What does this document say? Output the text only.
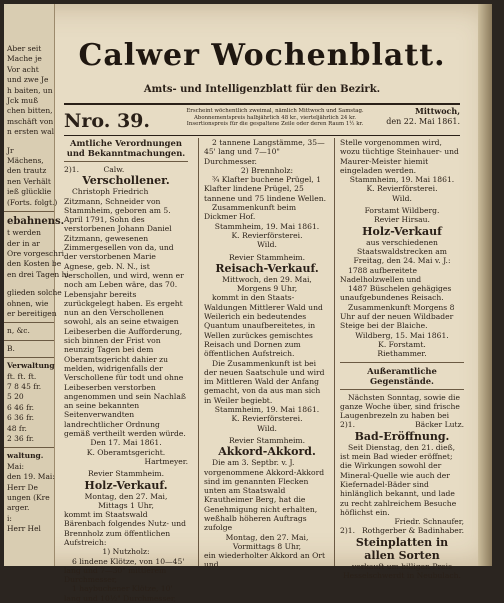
Aber seit
Mache je
Vor acht
und zwe Je
h baiten, un
Jck muß
chen bitten,
mschäft von
n ersten wal
Jr
Mächens,
den trautz
nen Verhält
ieß glücklie
(Forts. folgt.)
ebahnens.
t werden
der in ar
Ore vorgeschri
den Kosten be
en drei Tagen hi
glieden solche
ohnen, wie
er bereitigen
n, &c.
B.
Verwaltung
ft. ft. ft.
7 8 45 fr.
5 20
6 46 fr.
6 36 fr.
48 fr.
2 36 fr.
waltung.
Mai:
den 19. Mai:
Herr De
ungen (Kre
arger.
i:
Herr Hel
Calwer Wochenblatt.
Amts- und Intelligenzblatt für den Bezirk.
Nro. 39.	Erscheint wöchentlich zweimal, nämlich Mittwoch und Samstag.
Abonnementspreis halbjährlich 48 kr., vierteljährlich 24 kr.
Insertionspreis für die gespaltene Zeile oder deren Raum 1½ kr.
Mittwoch,
den 22. Mai 1861.

Amtliche Verordnungen und Bekanntmachungen.

2)1.	Calw.

Verschollener.

Christoph Friedrich Zitzmann, Schneider von Stammheim, geboren am 5. April 1791, Sohn des verstorbenen Johann Daniel Zitzmann, gewesenen Zimmergesellen von da, und der verstorbenen Marie Agnese, geb. N. N., ist verschollen, und wird, wenn er noch am Leben wäre, das 70. Lebensjahr bereits zurückgelegt haben. Es ergeht nun an den Verschollenen sowohl, als an seine etwaigen Leibeserben die Aufforderung, sich binnen der Frist von neunzig Tagen bei dem Oberamtsgericht dahier zu melden, widrigenfalls der Verschollene für todt und ohne Leibeserben verstorben angenommen und sein Nachlaß an seine bekannten Seitenverwandten landrechtlicher Ordnung gemäß vertheilt werden würde.

Den 17. Mai 1861.

K. Oberamtsgericht.

Hartmeyer.

Revier Stammheim.

Holz-Verkauf.

Montag, den 27. Mai,

Mittags 1 Uhr,

kommt im Staatswald Bärenbach folgendes Nutz- und Brennholz zum öffentlichen Aufstreich:

1) Nutzholz:

6 lindene Klötze, von 10—45' lang und 7—30" mittlerem Durchmesser,

1 haybuchener Klötze, 10' lang und 10½" Durchmesser,

2 tannene Langstämme, 35—45' lang und 7—10" Durchmesser.

2) Brennholz:

¾ Klafter buchene Prügel, 1 Klafter lindene Prügel, 25 tannene und 75 lindene Wellen.

Zusammenkunft beim Dickmer Hof.

Stammheim, 19. Mai 1861.

K. Revierförsterei.

Wild.

Revier Stammheim.

Reisach-Verkauf.

Mittwoch, den 29. Mai,

Morgens 9 Uhr,

kommt in den Staats-Waldungen Mittlerer Wald und Weilerich ein bedeutendes Quantum unaufbereitetes, in Wellen zurückes gemischtes Reisach und Dornen zum öffentlichen Aufstreich.

Die Zusammenkunft ist bei der neuen Saatschule und wird im Mittleren Wald der Anfang gemacht, von da aus man sich in Weiler begiebt.

Stammheim, 19. Mai 1861.

K. Revierförsterei.

Wild.

Revier Stammheim.

Akkord-Akkord.

Die am 3. Septbr. v. J. vorgenommene Akkord-Akkord sind im genannten Flecken unten am Staatswald Krautheimer Berg, hat die Genehmigung nicht erhalten, weßhalb höheren Auftrags zufolge

Montag, den 27. Mai,

Vormittags 8 Uhr,

ein wiederholter Akkord an Ort und

Stelle vorgenommen wird, wozu tüchtige Steinhauer- und Maurer-Meister hiemit eingeladen werden.

Stammheim, 19. Mai 1861.

K. Revierförsterei.

Wild.

Forstamt Wildberg.

Revier Hirsau.

Holz-Verkauf

aus verschiedenen Staatswaldstrecken am

Freitag, den 24. Mai v. J.:

1788 aufbereitete Nadelholzwellen und

1487 Büschelen gehägiges unaufgebundenes Reisach.

Zusammenkunft Morgens 8 Uhr auf der neuen Wildbader Steige bei der Blaiche.

Wildberg, 15. Mai 1861.

K. Forstamt.

Riethammer.

Außeramtliche Gegenstände.

Nächsten Sonntag, sowie die ganze Woche über, sind frische Laugenbrezeln zu haben bei

2)1.	Bäcker Lutz.

Bad-Eröffnung.

Seit Dienstag, den 21. dieß, ist mein Bad wieder eröffnet; die Wirkungen sowohl der Mineral-Quelle wie auch der Kiefernadel-Bäder sind hinlänglich bekannt, und lade zu recht zahlreichem Besuche höflichst ein.

Friedr. Schnaufer,

2)1. Rothgerber & Badinhaber.

Steinplatten in allen Sorten

verkauft um billigen Preis

Hesselschwerdt in Neubulach.
